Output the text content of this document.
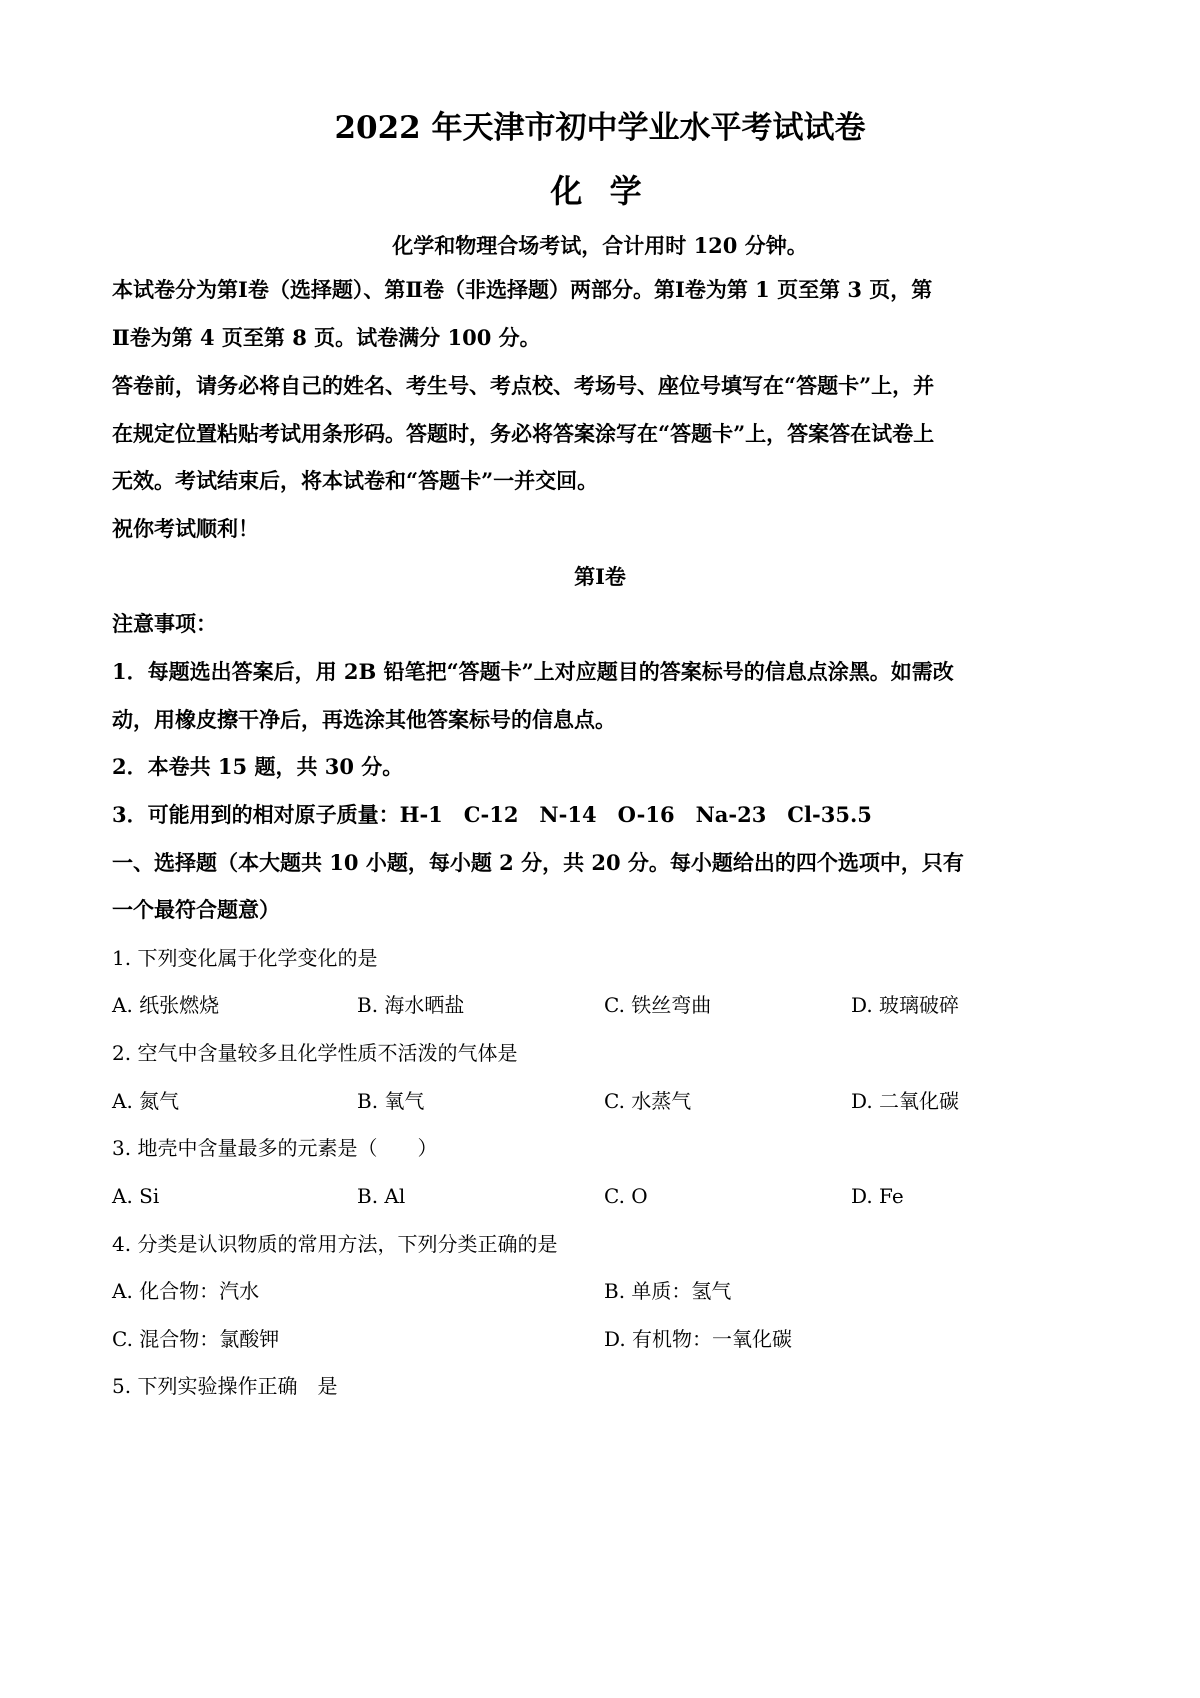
2022 年天津市初中学业水平考试试卷
化 学
化学和物理合场考试，合计用时 120 分钟。
本试卷分为第Ⅰ卷（选择题）、第Ⅱ卷（非选择题）两部分。第Ⅰ卷为第 1 页至第 3 页，第
Ⅱ卷为第 4 页至第 8 页。试卷满分 100 分。
答卷前，请务必将自己的姓名、考生号、考点校、考场号、座位号填写在“答题卡”上，并
在规定位置粘贴考试用条形码。答题时，务必将答案涂写在“答题卡”上，答案答在试卷上
无效。考试结束后，将本试卷和“答题卡”一并交回。
祝你考试顺利！
第Ⅰ卷
注意事项：
1．每题选出答案后，用 2B 铅笔把“答题卡”上对应题目的答案标号的信息点涂黑。如需改
动，用橡皮擦干净后，再选涂其他答案标号的信息点。
2．本卷共 15 题，共 30 分。
3．可能用到的相对原子质量：H-1　C-12　N-14　O-16　Na-23　Cl-35.5
一、选择题（本大题共 10 小题，每小题 2 分，共 20 分。每小题给出的四个选项中，只有
一个最符合题意）
1. 下列变化属于化学变化的是
A. 纸张燃烧	B. 海水晒盐	C. 铁丝弯曲	D. 玻璃破碎
2. 空气中含量较多且化学性质不活泼的气体是
A. 氮气	B. 氧气	C. 水蒸气	D. 二氧化碳
3. 地壳中含量最多的元素是（　　）
A. Si	B. Al	C. O	D. Fe
4. 分类是认识物质的常用方法，下列分类正确的是
A. 化合物：汽水	B. 单质：氢气
C. 混合物：氯酸钾	D. 有机物：一氧化碳
5. 下列实验操作正确　是
